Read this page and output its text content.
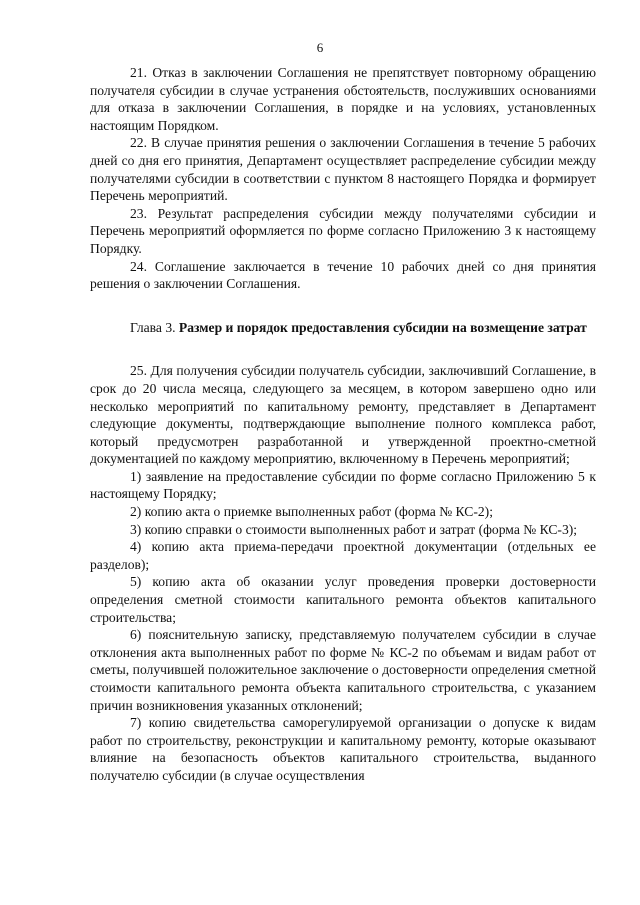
6

21. Отказ в заключении Соглашения не препятствует повторному обращению получателя субсидии в случае устранения обстоятельств, послуживших основаниями для отказа в заключении Соглашения, в порядке и на условиях, установленных настоящим Порядком.

22. В случае принятия решения о заключении Соглашения в течение 5 рабочих дней со дня его принятия, Департамент осуществляет распределение субсидии между получателями субсидии в соответствии с пунктом 8 настоящего Порядка и формирует Перечень мероприятий.

23. Результат распределения субсидии между получателями субсидии и Перечень мероприятий оформляется по форме согласно Приложению 3 к настоящему Порядку.

24. Соглашение заключается в течение 10 рабочих дней со дня принятия решения о заключении Соглашения.

Глава 3. Размер и порядок предоставления субсидии на возмещение затрат

25. Для получения субсидии получатель субсидии, заключивший Соглашение, в срок до 20 числа месяца, следующего за месяцем, в котором завершено одно или несколько мероприятий по капитальному ремонту, представляет в Департамент следующие документы, подтверждающие выполнение полного комплекса работ, который предусмотрен разработанной и утвержденной проектно-сметной документацией по каждому мероприятию, включенному в Перечень мероприятий;

1) заявление на предоставление субсидии по форме согласно Приложению 5 к настоящему Порядку;

2) копию акта о приемке выполненных работ (форма № КС-2);

3) копию справки о стоимости выполненных работ и затрат (форма № КС-3);

4) копию акта приема-передачи проектной документации (отдельных ее разделов);

5) копию акта об оказании услуг проведения проверки достоверности определения сметной стоимости капитального ремонта объектов капитального строительства;

6) пояснительную записку, представляемую получателем субсидии в случае отклонения акта выполненных работ по форме № КС-2 по объемам и видам работ от сметы, получившей положительное заключение о достоверности определения сметной стоимости капитального ремонта объекта капитального строительства, с указанием причин возникновения указанных отклонений;

7) копию свидетельства саморегулируемой организации о допуске к видам работ по строительству, реконструкции и капитальному ремонту, которые оказывают влияние на безопасность объектов капитального строительства, выданного получателю субсидии (в случае осуществления
